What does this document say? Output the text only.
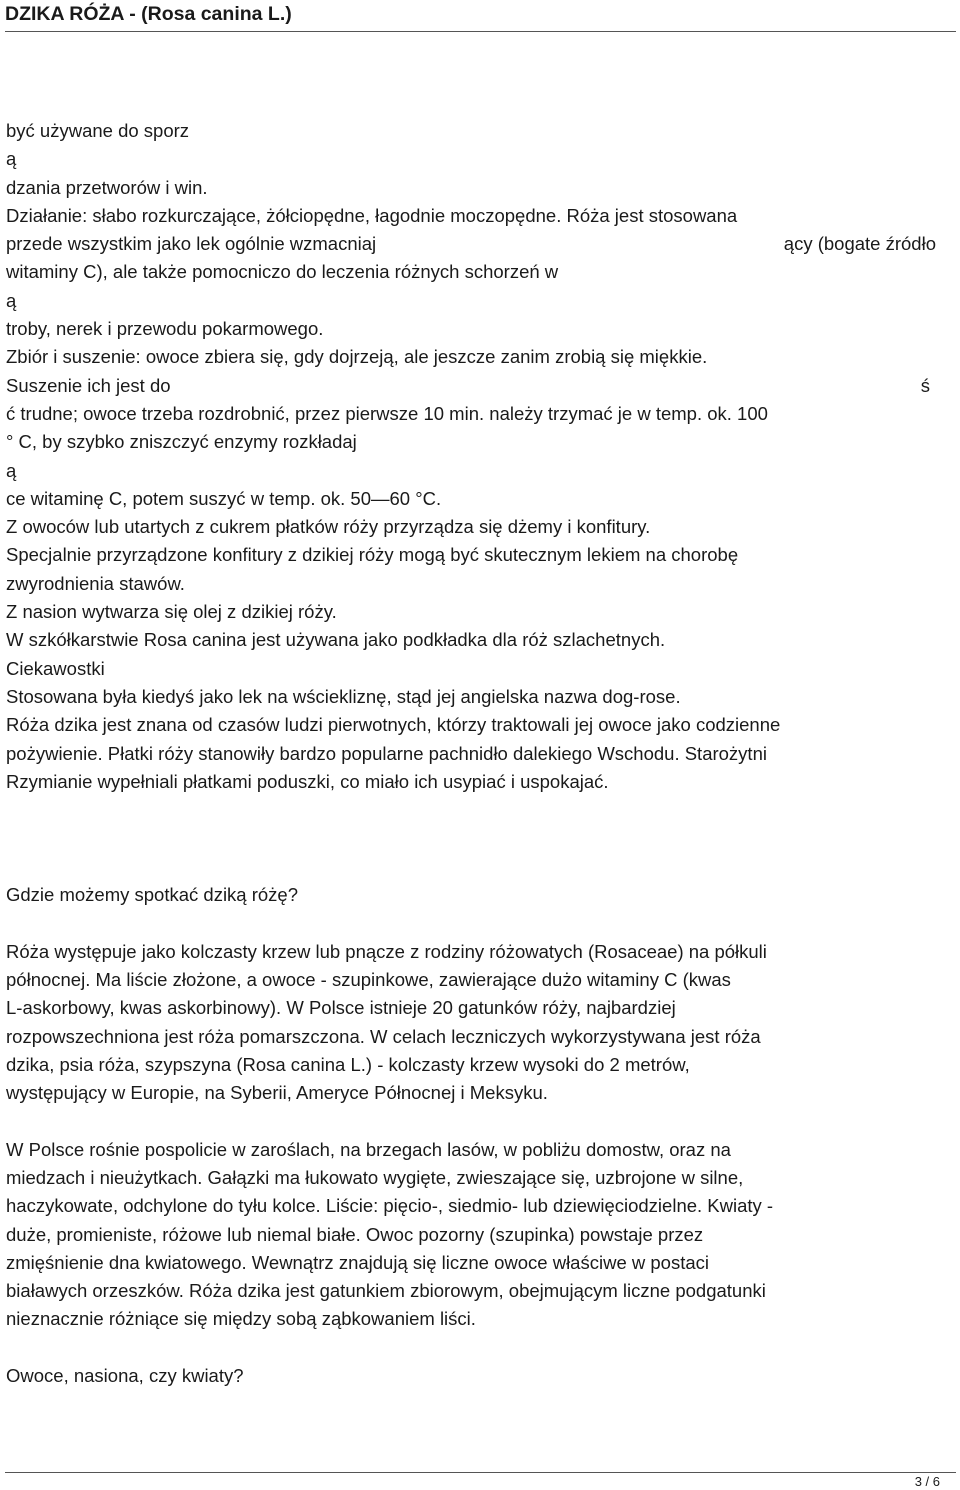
DZIKA RÓŻA - (Rosa canina L.)
być używane do sporz
ą
dzania przetworów i win.
Działanie: słabo rozkurczające, żółciopędne, łagodnie moczopędne. Róża jest stosowana
przede wszystkim jako lek ogólnie wzmacniaj	ący (bogate źródło
witaminy C), ale także pomocniczo do leczenia różnych schorzeń w
ą
troby, nerek i przewodu pokarmowego.
Zbiór i suszenie: owoce zbiera się, gdy dojrzeją, ale jeszcze zanim zrobią się miękkie.
Suszenie ich jest do	ś
ć trudne; owoce trzeba rozdrobnić, przez pierwsze 10 min. należy trzymać je w temp. ok. 100
° C, by szybko zniszczyć enzymy rozkładaj
ą
ce witaminę C, potem suszyć w temp. ok. 50—60 °C.
Z owoców lub utartych z cukrem płatków róży przyrządza się dżemy i konfitury.
Specjalnie przyrządzone konfitury z dzikiej róży mogą być skutecznym lekiem na chorobę
zwyrodnienia stawów.
Z nasion wytwarza się olej z dzikiej róży.
W szkółkarstwie Rosa canina jest używana jako podkładka dla róż szlachetnych.
Ciekawostki
Stosowana była kiedyś jako lek na wściekliznę, stąd jej angielska nazwa dog-rose.
Róża dzika jest znana od czasów ludzi pierwotnych, którzy traktowali jej owoce jako codzienne
pożywienie. Płatki róży stanowiły bardzo popularne pachnidło dalekiego Wschodu. Starożytni
Rzymianie wypełniali płatkami poduszki, co miało ich usypiać i uspokajać.
Gdzie możemy spotkać dziką różę?
Róża występuje jako kolczasty krzew lub pnącze z rodziny różowatych (Rosaceae) na półkuli
północnej. Ma liście złożone, a owoce - szupinkowe, zawierające dużo witaminy C (kwas
L-askorbowy, kwas askorbinowy). W Polsce istnieje 20 gatunków róży, najbardziej
rozpowszechniona jest róża pomarszczona. W celach leczniczych wykorzystywana jest róża
dzika, psia róża, szypszyna (Rosa canina L.) - kolczasty krzew wysoki do 2 metrów,
występujący w Europie, na Syberii, Ameryce Północnej i Meksyku.
W Polsce rośnie pospolicie w zaroślach, na brzegach lasów, w pobliżu domostw, oraz na
miedzach i nieużytkach. Gałązki ma łukowato wygięte, zwieszające się, uzbrojone w silne,
haczykowate, odchylone do tyłu kolce. Liście: pięcio-, siedmio- lub dziewięciodzielne. Kwiaty -
duże, promieniste, różowe lub niemal białe. Owoc pozorny (szupinka) powstaje przez
zmięśnienie dna kwiatowego. Wewnątrz znajdują się liczne owoce właściwe w postaci
białawych orzeszków. Róża dzika jest gatunkiem zbiorowym, obejmującym liczne podgatunki
nieznacznie różniące się między sobą ząbkowaniem liści.
Owoce, nasiona, czy kwiaty?
3 / 6
